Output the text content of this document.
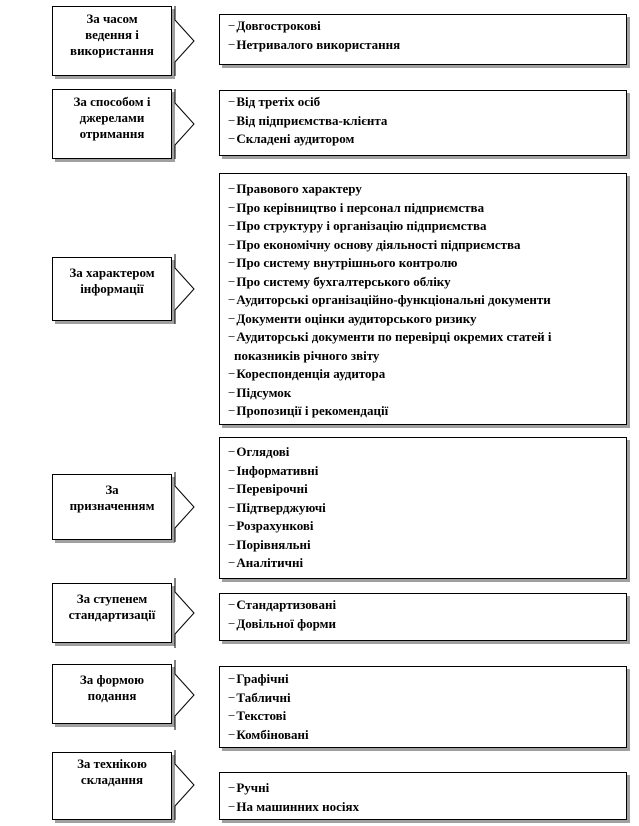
За часом
ведення і
використання
−Довгострокові
−Нетривалого використання
За способом і
джерелами
отримання
−Від третіх осіб
−Від підприємства-клієнта
−Складені аудитором
За характером
інформації
−Правового характеру
−Про керівництво і персонал підприємства
−Про структуру і організацію підприємства
−Про економічну основу діяльності підприємства
−Про систему внутрішнього контролю
−Про систему бухгалтерського обліку
−Аудиторські організаційно-функціональні документи
−Документи оцінки аудиторського ризику
−Аудиторські документи по перевірці окремих статей і
показників річного звіту
−Кореспонденція аудитора
−Підсумок
−Пропозиції і рекомендації
За
призначенням
−Оглядові
−Інформативні
−Перевірочні
−Підтверджуючі
−Розрахункові
−Порівняльні
−Аналітичні
За ступенем
стандартизації
−Стандартизовані
−Довільної форми
За формою
подання
−Графічні
−Табличні
−Текстові
−Комбіновані
За технікою
складання
−Ручні
−На машинних носіях
